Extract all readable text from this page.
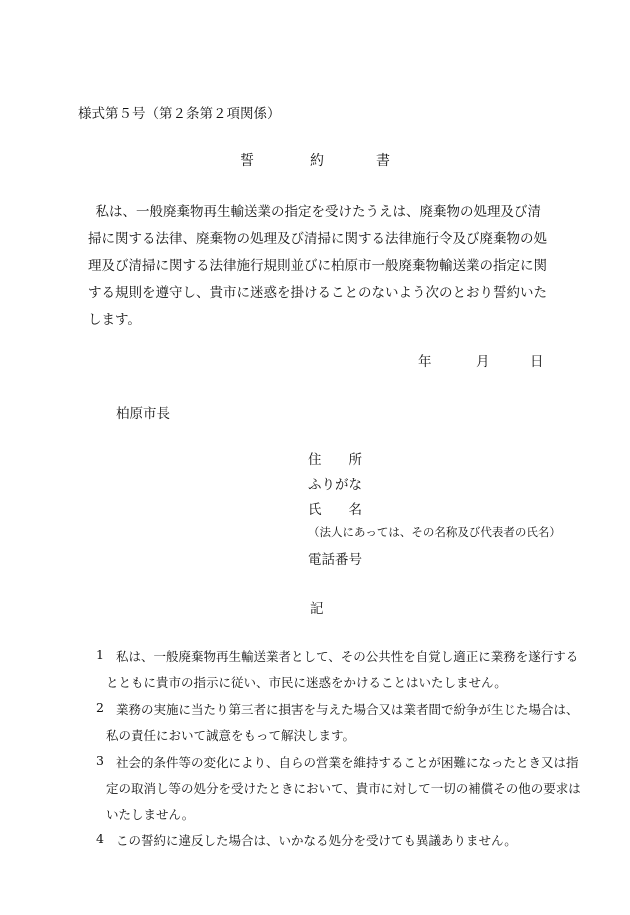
様式第５号（第２条第２項関係）
誓	約	書
　私は、一般廃棄物再生輸送業の指定を受けたうえは、廃棄物の処理及び清
掃に関する法律、廃棄物の処理及び清掃に関する法律施行令及び廃棄物の処
理及び清掃に関する法律施行規則並びに柏原市一般廃棄物輸送業の指定に関
する規則を遵守し、貴市に迷惑を掛けることのないよう次のとおり誓約いた
します。
年	月	日
柏原市長
住　　所
ふりがな
氏　　名
（法人にあっては、その名称及び代表者の氏名）
電話番号
記
1 私は、一般廃棄物再生輸送業者として、その公共性を自覚し適正に業務を遂行する
とともに貴市の指示に従い、市民に迷惑をかけることはいたしません。
2 業務の実施に当たり第三者に損害を与えた場合又は業者間で紛争が生じた場合は、
私の責任において誠意をもって解決します。
3 社会的条件等の変化により、自らの営業を維持することが困難になったとき又は指
定の取消し等の処分を受けたときにおいて、貴市に対して一切の補償その他の要求は
いたしません。
4 この誓約に違反した場合は、いかなる処分を受けても異議ありません。
